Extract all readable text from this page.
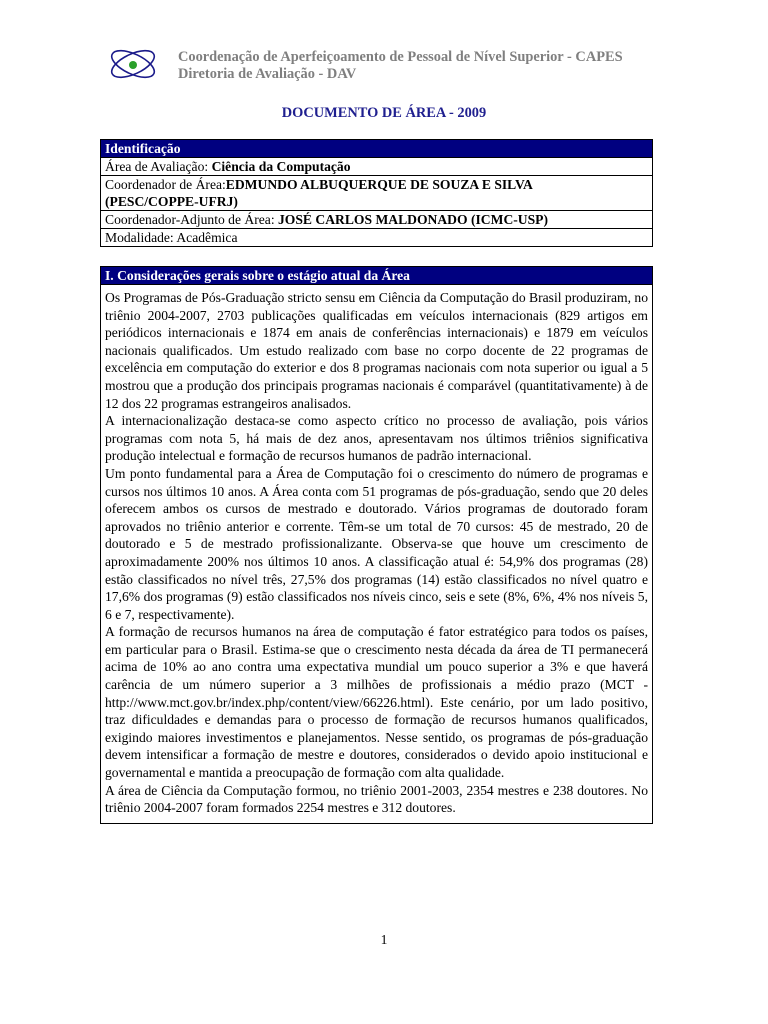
Coordenação de Aperfeiçoamento de Pessoal de Nível Superior - CAPES
Diretoria de Avaliação - DAV
DOCUMENTO DE ÁREA - 2009
Identificação
Área de Avaliação: Ciência da Computação
Coordenador de Área:EDMUNDO ALBUQUERQUE DE SOUZA E SILVA
(PESC/COPPE-UFRJ)
Coordenador-Adjunto de Área: JOSÉ CARLOS MALDONADO (ICMC-USP)
Modalidade: Acadêmica
I. Considerações gerais sobre o estágio atual da Área

Os Programas de Pós-Graduação stricto sensu em Ciência da Computação do Brasil produziram, no triênio 2004-2007, 2703 publicações qualificadas em veículos internacionais (829 artigos em periódicos internacionais e 1874 em anais de conferências internacionais) e 1879 em veículos nacionais qualificados. Um estudo realizado com base no corpo docente de 22 programas de excelência em computação do exterior e dos 8 programas nacionais com nota superior ou igual a 5 mostrou que a produção dos principais programas nacionais é comparável (quantitativamente) à de 12 dos 22 programas estrangeiros analisados.

A internacionalização destaca-se como aspecto crítico no processo de avaliação, pois vários programas com nota 5, há mais de dez anos, apresentavam nos últimos triênios significativa produção intelectual e formação de recursos humanos de padrão internacional.

Um ponto fundamental para a Área de Computação foi o crescimento do número de programas e cursos nos últimos 10 anos. A Área conta com 51 programas de pós-graduação, sendo que 20 deles oferecem ambos os cursos de mestrado e doutorado. Vários programas de doutorado foram aprovados no triênio anterior e corrente. Têm-se um total de 70 cursos: 45 de mestrado, 20 de doutorado e 5 de mestrado profissionalizante. Observa-se que houve um crescimento de aproximadamente 200% nos últimos 10 anos. A classificação atual é: 54,9% dos programas (28) estão classificados no nível três, 27,5% dos programas (14) estão classificados no nível quatro e 17,6% dos programas (9) estão classificados nos níveis cinco, seis e sete (8%, 6%, 4% nos níveis 5, 6 e 7, respectivamente).

A formação de recursos humanos na área de computação é fator estratégico para todos os países, em particular para o Brasil. Estima-se que o crescimento nesta década da área de TI permanecerá acima de 10% ao ano contra uma expectativa mundial um pouco superior a 3% e que haverá carência de um número superior a 3 milhões de profissionais a médio prazo (MCT - http://www.mct.gov.br/index.php/content/view/66226.html). Este cenário, por um lado positivo, traz dificuldades e demandas para o processo de formação de recursos humanos qualificados, exigindo maiores investimentos e planejamentos. Nesse sentido, os programas de pós-graduação devem intensificar a formação de mestre e doutores, considerados o devido apoio institucional e governamental e mantida a preocupação de formação com alta qualidade.

A área de Ciência da Computação formou, no triênio 2001-2003, 2354 mestres e 238 doutores. No triênio 2004-2007 foram formados 2254 mestres e 312 doutores.

1
